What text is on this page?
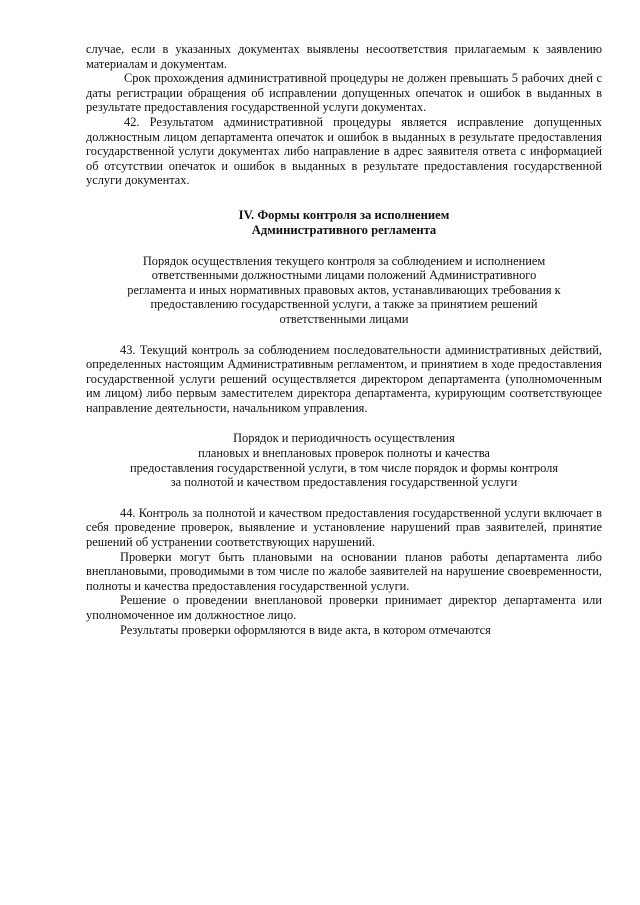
случае, если в указанных документах выявлены несоответствия прилагаемым к заявлению материалам и документам.

Срок прохождения административной процедуры не должен превышать 5 рабочих дней с даты регистрации обращения об исправлении допущенных опечаток и ошибок в выданных в результате предоставления государственной услуги документах.

42. Результатом административной процедуры является исправление допущенных должностным лицом департамента опечаток и ошибок в выданных в результате предоставления государственной услуги документах либо направление в адрес заявителя ответа с информацией об отсутствии опечаток и ошибок в выданных в результате предоставления государственной услуги документах.

IV. Формы контроля за исполнением

Административного регламента

Порядок осуществления текущего контроля за соблюдением и исполнением

ответственными должностными лицами положений Административного

регламента и иных нормативных правовых актов, устанавливающих требования к

предоставлению государственной услуги, а также за принятием решений

ответственными лицами

43. Текущий контроль за соблюдением последовательности административных действий, определенных настоящим Административным регламентом, и принятием в ходе предоставления государственной услуги решений осуществляется директором департамента (уполномоченным им лицом) либо первым заместителем директора департамента, курирующим соответствующее направление деятельности, начальником управления.

Порядок и периодичность осуществления

плановых и внеплановых проверок полноты и качества

предоставления государственной услуги, в том числе порядок и формы контроля

за полнотой и качеством предоставления государственной услуги

44. Контроль за полнотой и качеством предоставления государственной услуги включает в себя проведение проверок, выявление и установление нарушений прав заявителей, принятие решений об устранении соответствующих нарушений.

Проверки могут быть плановыми на основании планов работы департамента либо внеплановыми, проводимыми в том числе по жалобе заявителей на нарушение своевременности, полноты и качества предоставления государственной услуги.

Решение о проведении внеплановой проверки принимает директор департамента или уполномоченное им должностное лицо.

Результаты проверки оформляются в виде акта, в котором отмечаются
